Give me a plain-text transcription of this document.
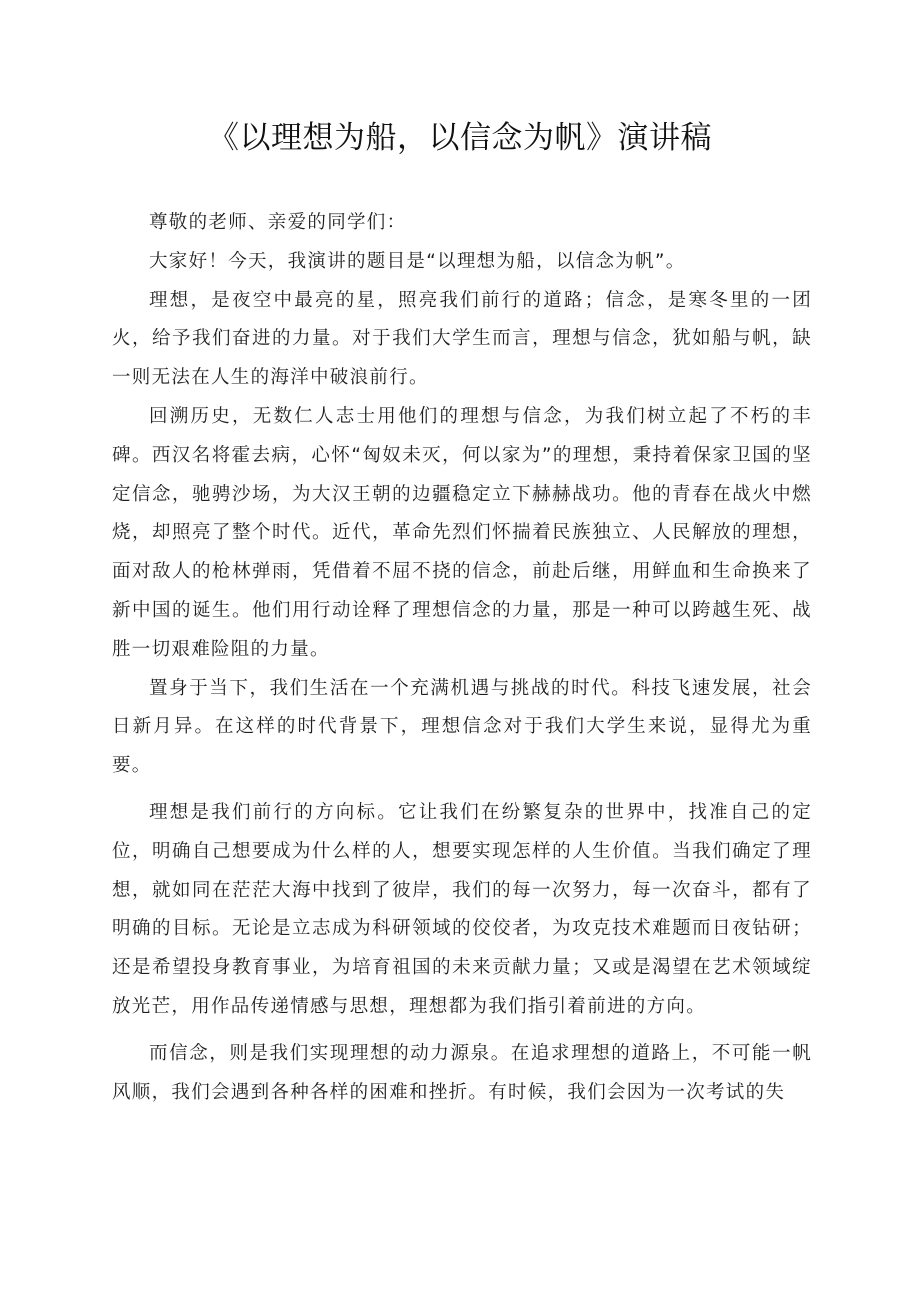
《以理想为船，以信念为帆》演讲稿

尊敬的老师、亲爱的同学们：

大家好！今天，我演讲的题目是“以理想为船，以信念为帆”。

理想，是夜空中最亮的星，照亮我们前行的道路；信念，是寒冬里的一团火，给予我们奋进的力量。对于我们大学生而言，理想与信念，犹如船与帆，缺一则无法在人生的海洋中破浪前行。

回溯历史，无数仁人志士用他们的理想与信念，为我们树立起了不朽的丰碑。西汉名将霍去病，心怀“匈奴未灭，何以家为”的理想，秉持着保家卫国的坚定信念，驰骋沙场，为大汉王朝的边疆稳定立下赫赫战功。他的青春在战火中燃烧，却照亮了整个时代。近代，革命先烈们怀揣着民族独立、人民解放的理想，面对敌人的枪林弹雨，凭借着不屈不挠的信念，前赴后继，用鲜血和生命换来了新中国的诞生。他们用行动诠释了理想信念的力量，那是一种可以跨越生死、战胜一切艰难险阻的力量。

置身于当下，我们生活在一个充满机遇与挑战的时代。科技飞速发展，社会日新月异。在这样的时代背景下，理想信念对于我们大学生来说，显得尤为重要。

理想是我们前行的方向标。它让我们在纷繁复杂的世界中，找准自己的定位，明确自己想要成为什么样的人，想要实现怎样的人生价值。当我们确定了理想，就如同在茫茫大海中找到了彼岸，我们的每一次努力，每一次奋斗，都有了明确的目标。无论是立志成为科研领域的佼佼者，为攻克技术难题而日夜钻研；还是希望投身教育事业，为培育祖国的未来贡献力量；又或是渴望在艺术领域绽放光芒，用作品传递情感与思想，理想都为我们指引着前进的方向。

而信念，则是我们实现理想的动力源泉。在追求理想的道路上，不可能一帆风顺，我们会遇到各种各样的困难和挫折。有时候，我们会因为一次考试的失
